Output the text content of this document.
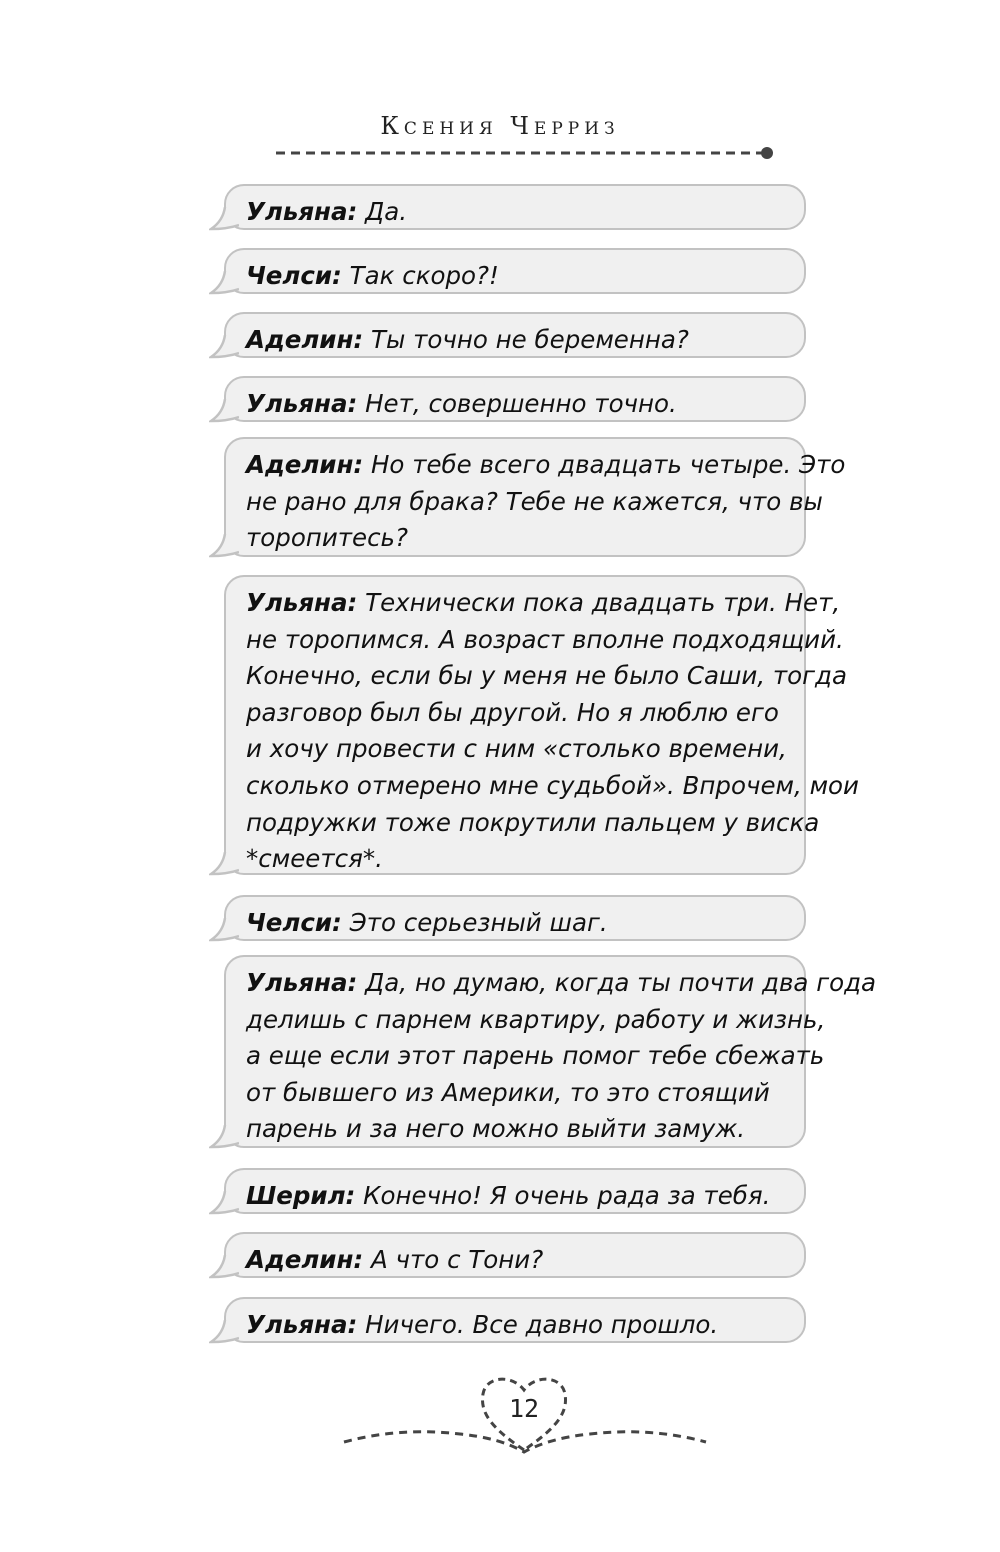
Ксения Черриз
Ульяна: Да.
Челси: Так скоро?!
Аделин: Ты точно не беременна?
Ульяна: Нет, совершенно точно.
Аделин: Но тебе всего двадцать четыре. Это
не рано для брака? Тебе не кажется, что вы
торопитесь?
Ульяна: Технически пока двадцать три. Нет,
не торопимся. А возраст вполне подходящий.
Конечно, если бы у меня не было Саши, тогда
разговор был бы другой. Но я люблю его
и хочу провести с ним «столько времени,
сколько отмерено мне судьбой». Впрочем, мои
подружки тоже покрутили пальцем у виска
*смеется*.
Челси: Это серьезный шаг.
Ульяна: Да, но думаю, когда ты почти два года
делишь с парнем квартиру, работу и жизнь,
а еще если этот парень помог тебе сбежать
от бывшего из Америки, то это стоящий
парень и за него можно выйти замуж.
Шерил: Конечно! Я очень рада за тебя.
Аделин: А что с Тони?
Ульяна: Ничего. Все давно прошло.
12
